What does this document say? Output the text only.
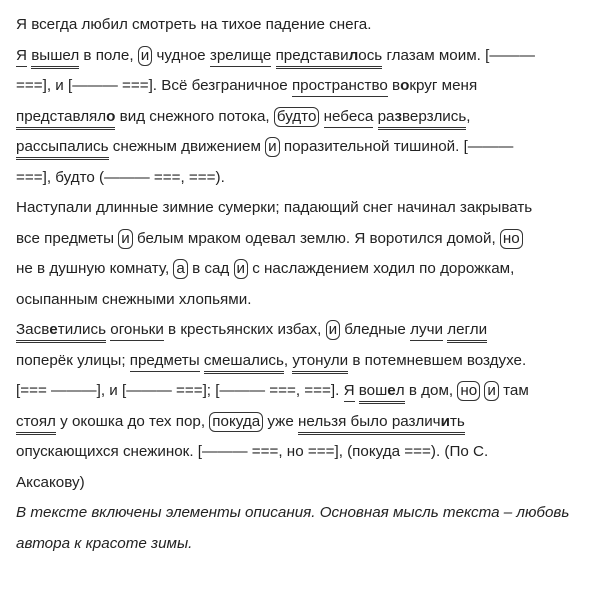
Я всегда любил смотреть на тихое падение снега.
Я вышел в поле, и чудное зрелище представилось глазам моим. [———
===], и [——— ===]. Всё безграничное пространство вокруг меня
представляло вид снежного потока, будто небеса разверзлись,
рассыпались снежным движением и поразительной тишиной. [———
===], будто (——— ===, ===).
Наступали длинные зимние сумерки; падающий снег начинал закрывать
все предметы и белым мраком одевал землю. Я воротился домой, но
не в душную комнату, а в сад и с наслаждением ходил по дорожкам,
осыпанным снежными хлопьями.
Засветились огоньки в крестьянских избах, и бледные лучи легли
поперёк улицы; предметы смешались, утонули в потемневшем воздухе.
[=== ———], и [——— ===]; [——— ===, ===]. Я вошел в дом, но и там
стоял у окошка до тех пор, покуда уже нельзя было различить
опускающихся снежинок. [——— ===, но ===], (покуда ===). (По С.
Аксакову)
В тексте включены элементы описания. Основная мысль текста – любовь
автора к красоте зимы.
